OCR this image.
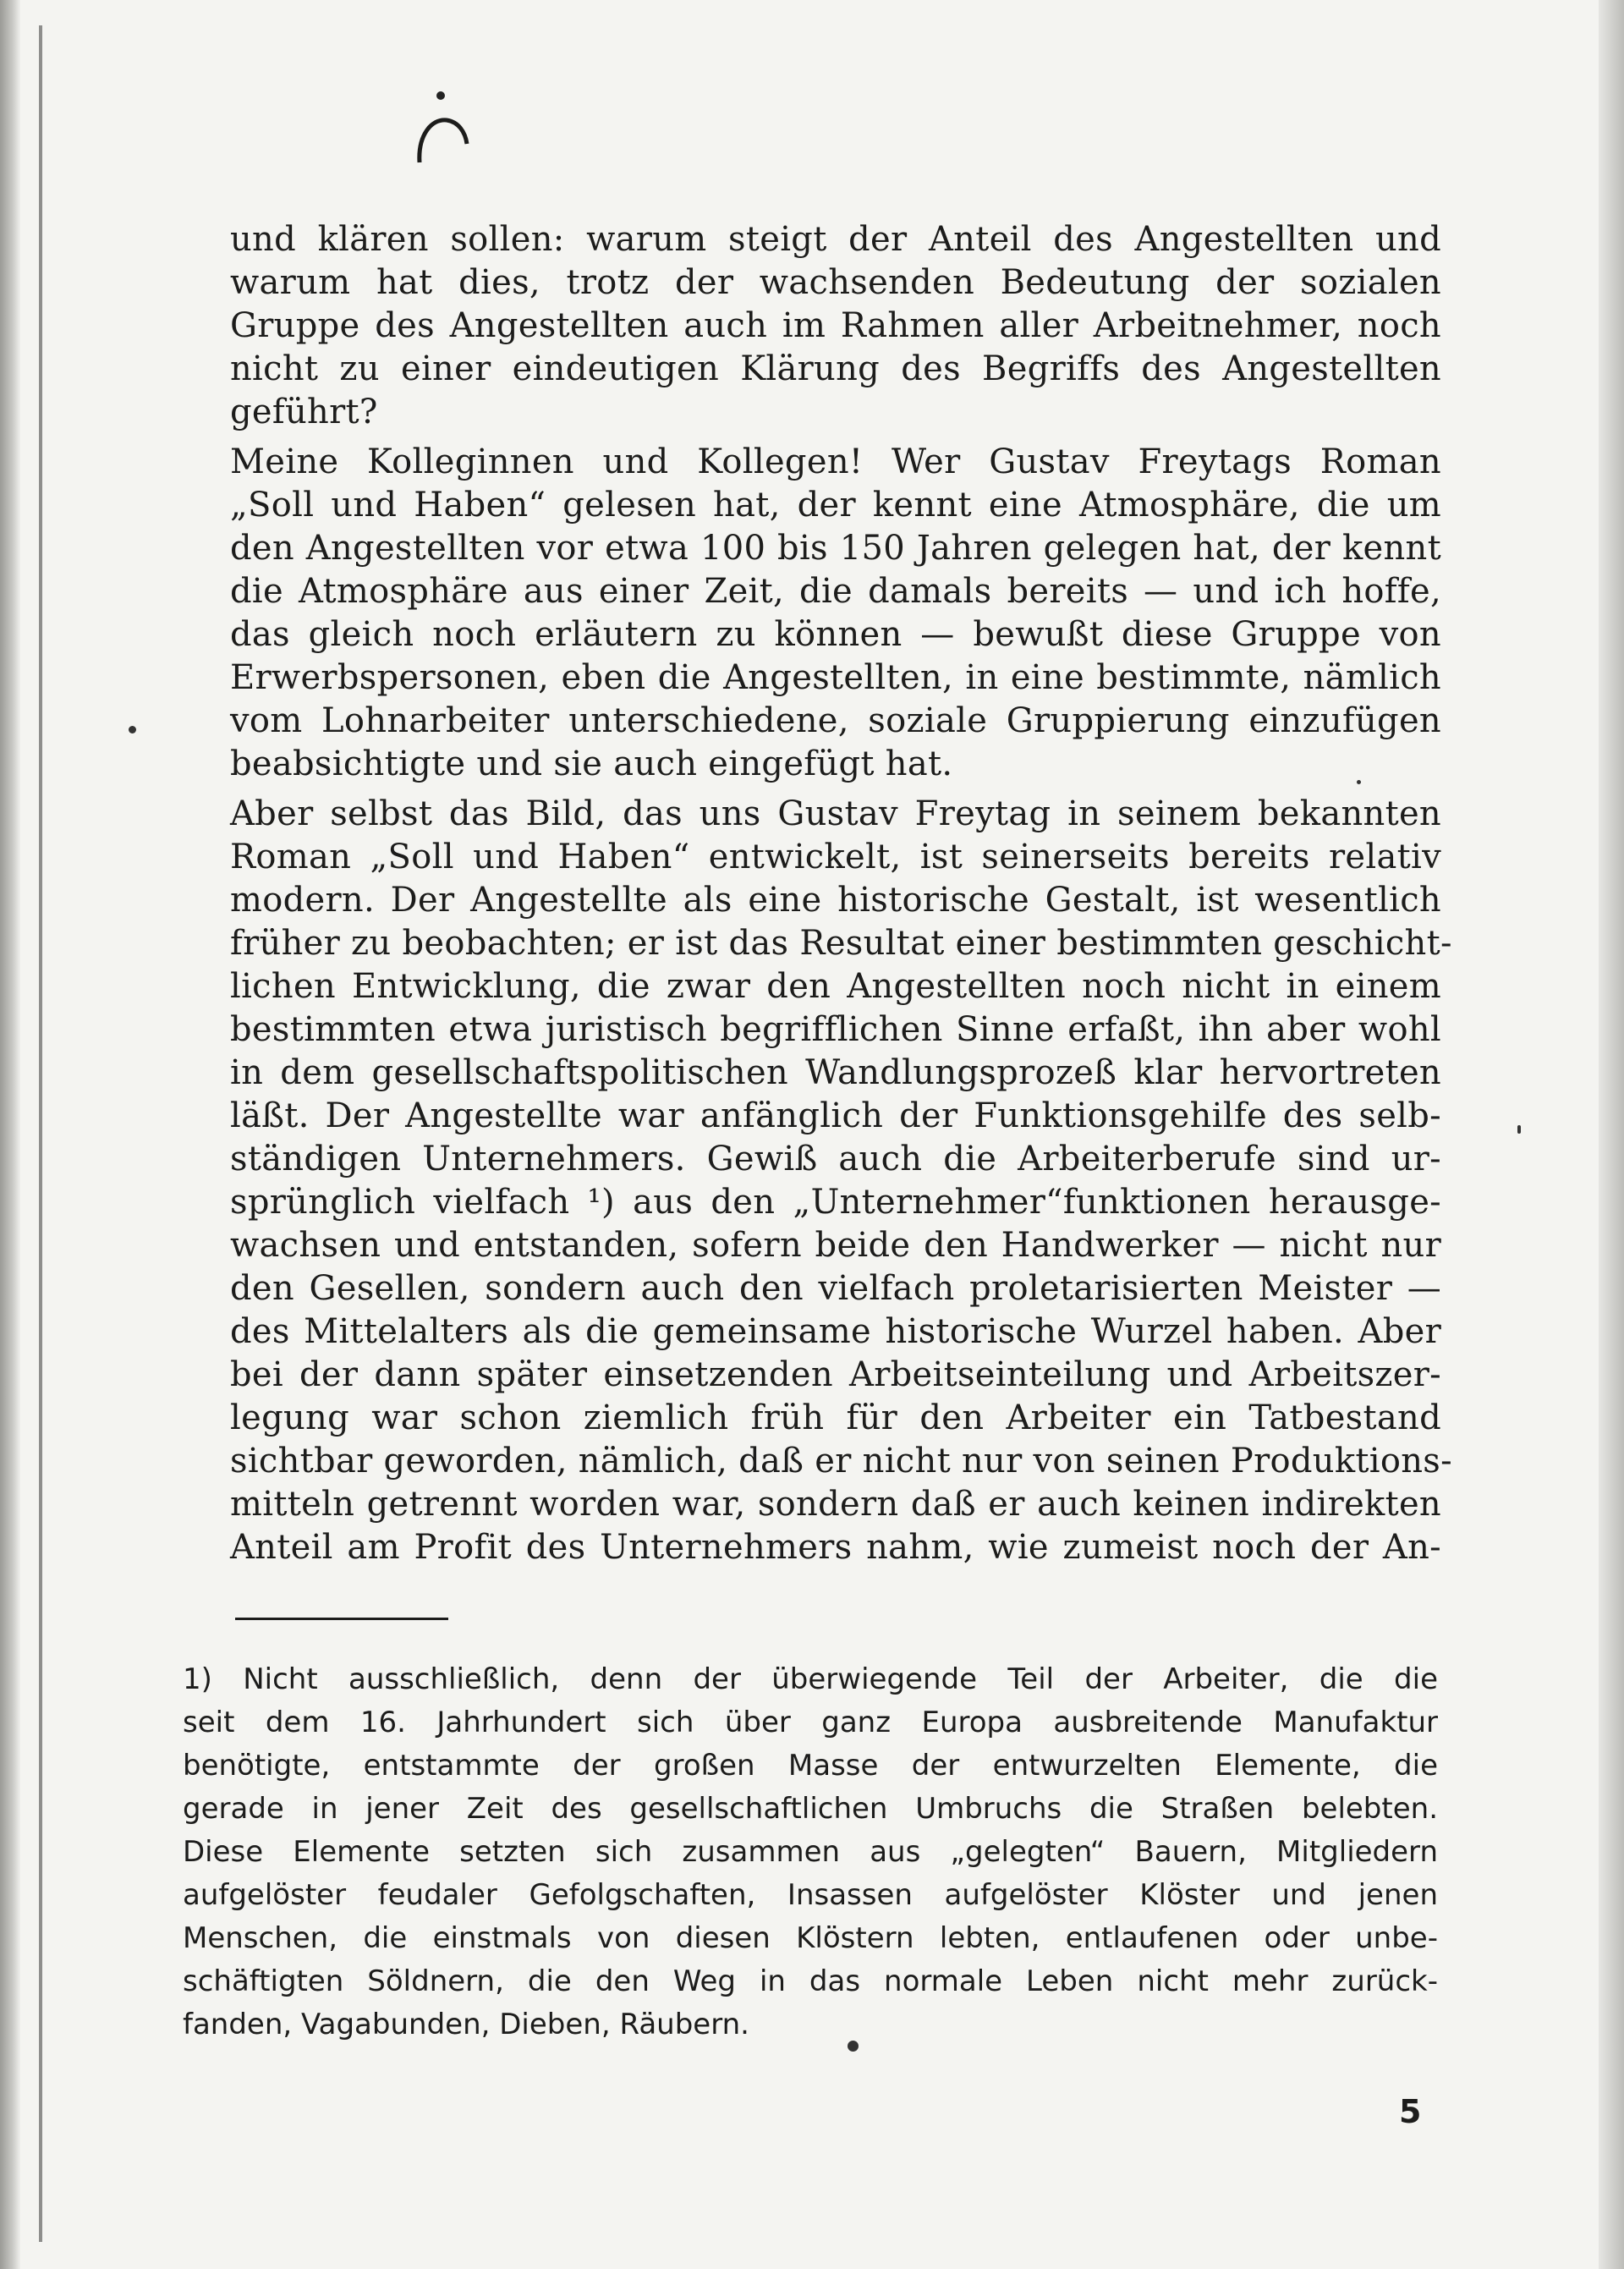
und klären sollen: warum steigt der Anteil des Angestellten und
warum hat dies, trotz der wachsenden Bedeutung der sozialen
Gruppe des Angestellten auch im Rahmen aller Arbeitnehmer, noch
nicht zu einer eindeutigen Klärung des Begriffs des Angestellten
geführt?
Meine Kolleginnen und Kollegen! Wer Gustav Freytags Roman
„Soll und Haben“ gelesen hat, der kennt eine Atmosphäre, die um
den Angestellten vor etwa 100 bis 150 Jahren gelegen hat, der kennt
die Atmosphäre aus einer Zeit, die damals bereits — und ich hoffe,
das gleich noch erläutern zu können — bewußt diese Gruppe von
Erwerbspersonen, eben die Angestellten, in eine bestimmte, nämlich
vom Lohnarbeiter unterschiedene, soziale Gruppierung einzufügen
beabsichtigte und sie auch eingefügt hat.
Aber selbst das Bild, das uns Gustav Freytag in seinem bekannten
Roman „Soll und Haben“ entwickelt, ist seinerseits bereits relativ
modern. Der Angestellte als eine historische Gestalt, ist wesentlich
früher zu beobachten; er ist das Resultat einer bestimmten geschicht-
lichen Entwicklung, die zwar den Angestellten noch nicht in einem
bestimmten etwa juristisch begrifflichen Sinne erfaßt, ihn aber wohl
in dem gesellschaftspolitischen Wandlungsprozeß klar hervortreten
läßt. Der Angestellte war anfänglich der Funktionsgehilfe des selb-
ständigen Unternehmers. Gewiß auch die Arbeiterberufe sind ur-
sprünglich vielfach ¹) aus den „Unternehmer“funktionen herausge-
wachsen und entstanden, sofern beide den Handwerker — nicht nur
den Gesellen, sondern auch den vielfach proletarisierten Meister —
des Mittelalters als die gemeinsame historische Wurzel haben. Aber
bei der dann später einsetzenden Arbeitseinteilung und Arbeitszer-
legung war schon ziemlich früh für den Arbeiter ein Tatbestand
sichtbar geworden, nämlich, daß er nicht nur von seinen Produktions-
mitteln getrennt worden war, sondern daß er auch keinen indirekten
Anteil am Profit des Unternehmers nahm, wie zumeist noch der An-
1) Nicht ausschließlich, denn der überwiegende Teil der Arbeiter, die die
seit dem 16. Jahrhundert sich über ganz Europa ausbreitende Manufaktur
benötigte, entstammte der großen Masse der entwurzelten Elemente, die
gerade in jener Zeit des gesellschaftlichen Umbruchs die Straßen belebten.
Diese Elemente setzten sich zusammen aus „gelegten“ Bauern, Mitgliedern
aufgelöster feudaler Gefolgschaften, Insassen aufgelöster Klöster und jenen
Menschen, die einstmals von diesen Klöstern lebten, entlaufenen oder unbe-
schäftigten Söldnern, die den Weg in das normale Leben nicht mehr zurück-
fanden, Vagabunden, Dieben, Räubern.
5
